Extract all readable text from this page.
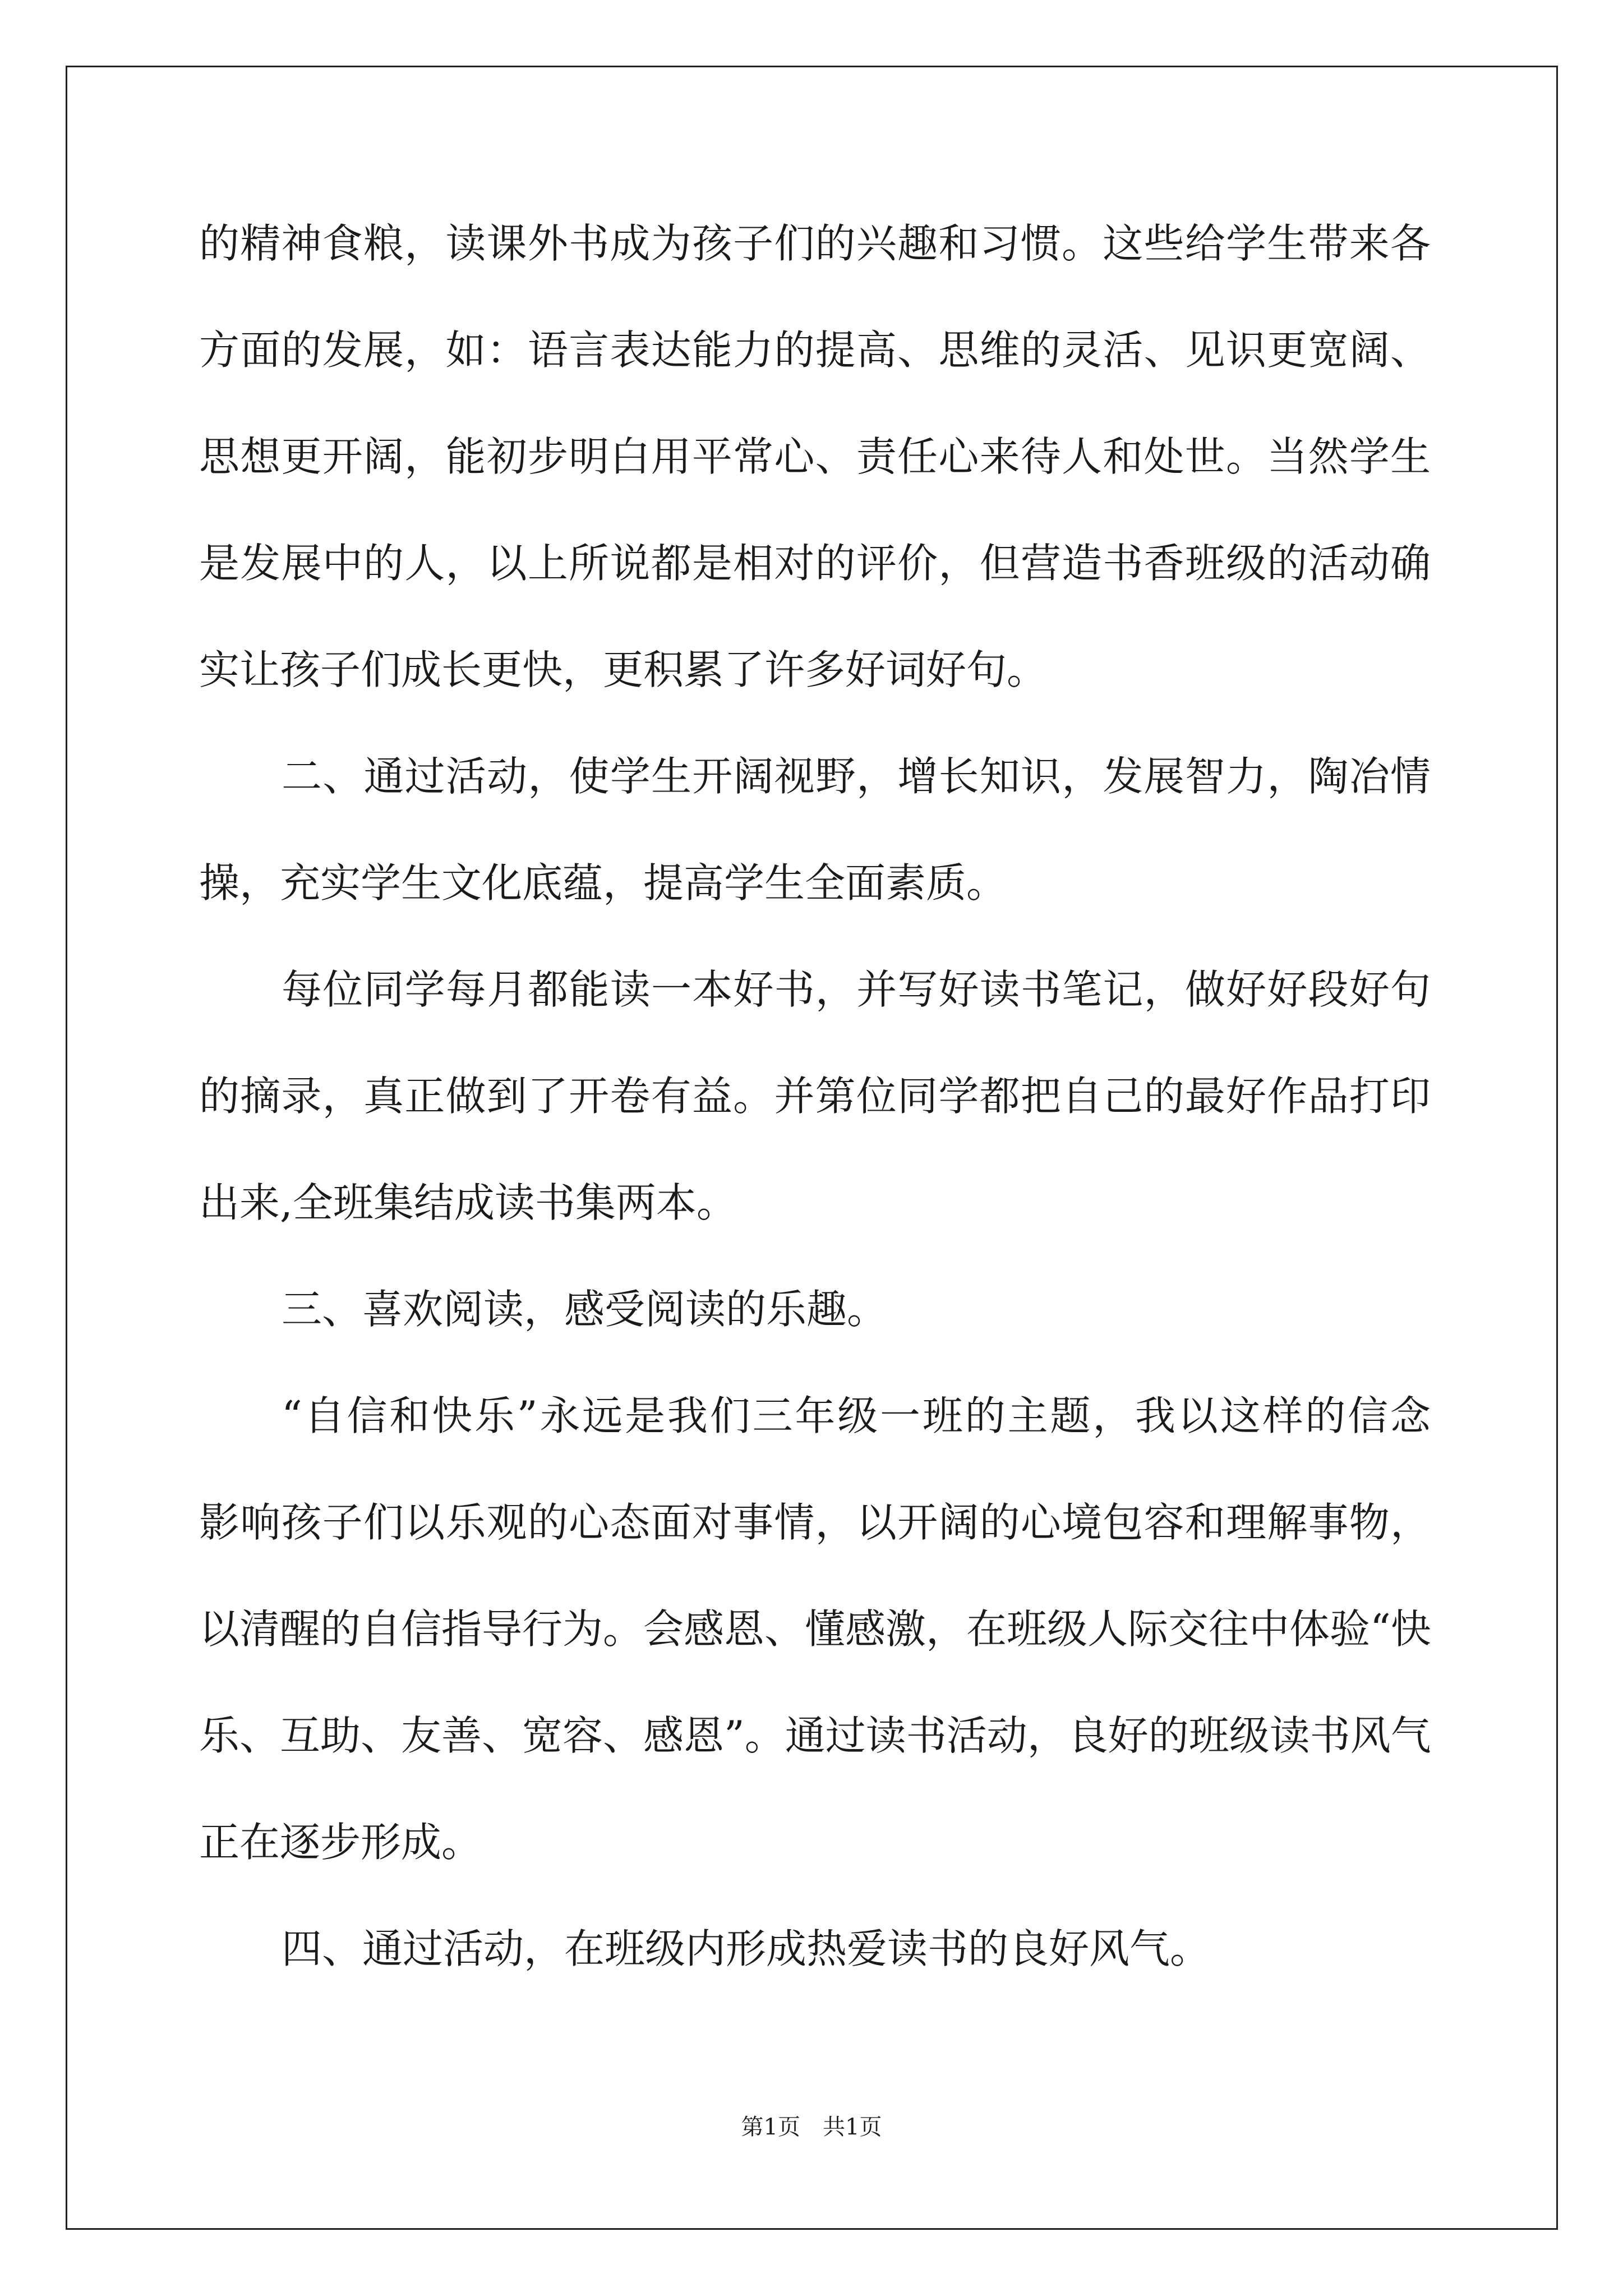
的精神食粮，读课外书成为孩子们的兴趣和习惯。这些给学生带来各
方面的发展，如：语言表达能力的提高、思维的灵活、见识更宽阔、
思想更开阔，能初步明白用平常心、责任心来待人和处世。当然学生
是发展中的人，以上所说都是相对的评价，但营造书香班级的活动确
实让孩子们成长更快，更积累了许多好词好句。
二、通过活动，使学生开阔视野，增长知识，发展智力，陶冶情
操，充实学生文化底蕴，提高学生全面素质。
每位同学每月都能读一本好书，并写好读书笔记，做好好段好句
的摘录，真正做到了开卷有益。并第位同学都把自己的最好作品打印
出来,全班集结成读书集两本。
三、喜欢阅读，感受阅读的乐趣。
“自信和快乐”永远是我们三年级一班的主题，我以这样的信念
影响孩子们以乐观的心态面对事情，以开阔的心境包容和理解事物，
以清醒的自信指导行为。会感恩、懂感激，在班级人际交往中体验“快
乐、互助、友善、宽容、感恩”。通过读书活动，良好的班级读书风气
正在逐步形成。
四、通过活动，在班级内形成热爱读书的良好风气。
第1页 共1页
